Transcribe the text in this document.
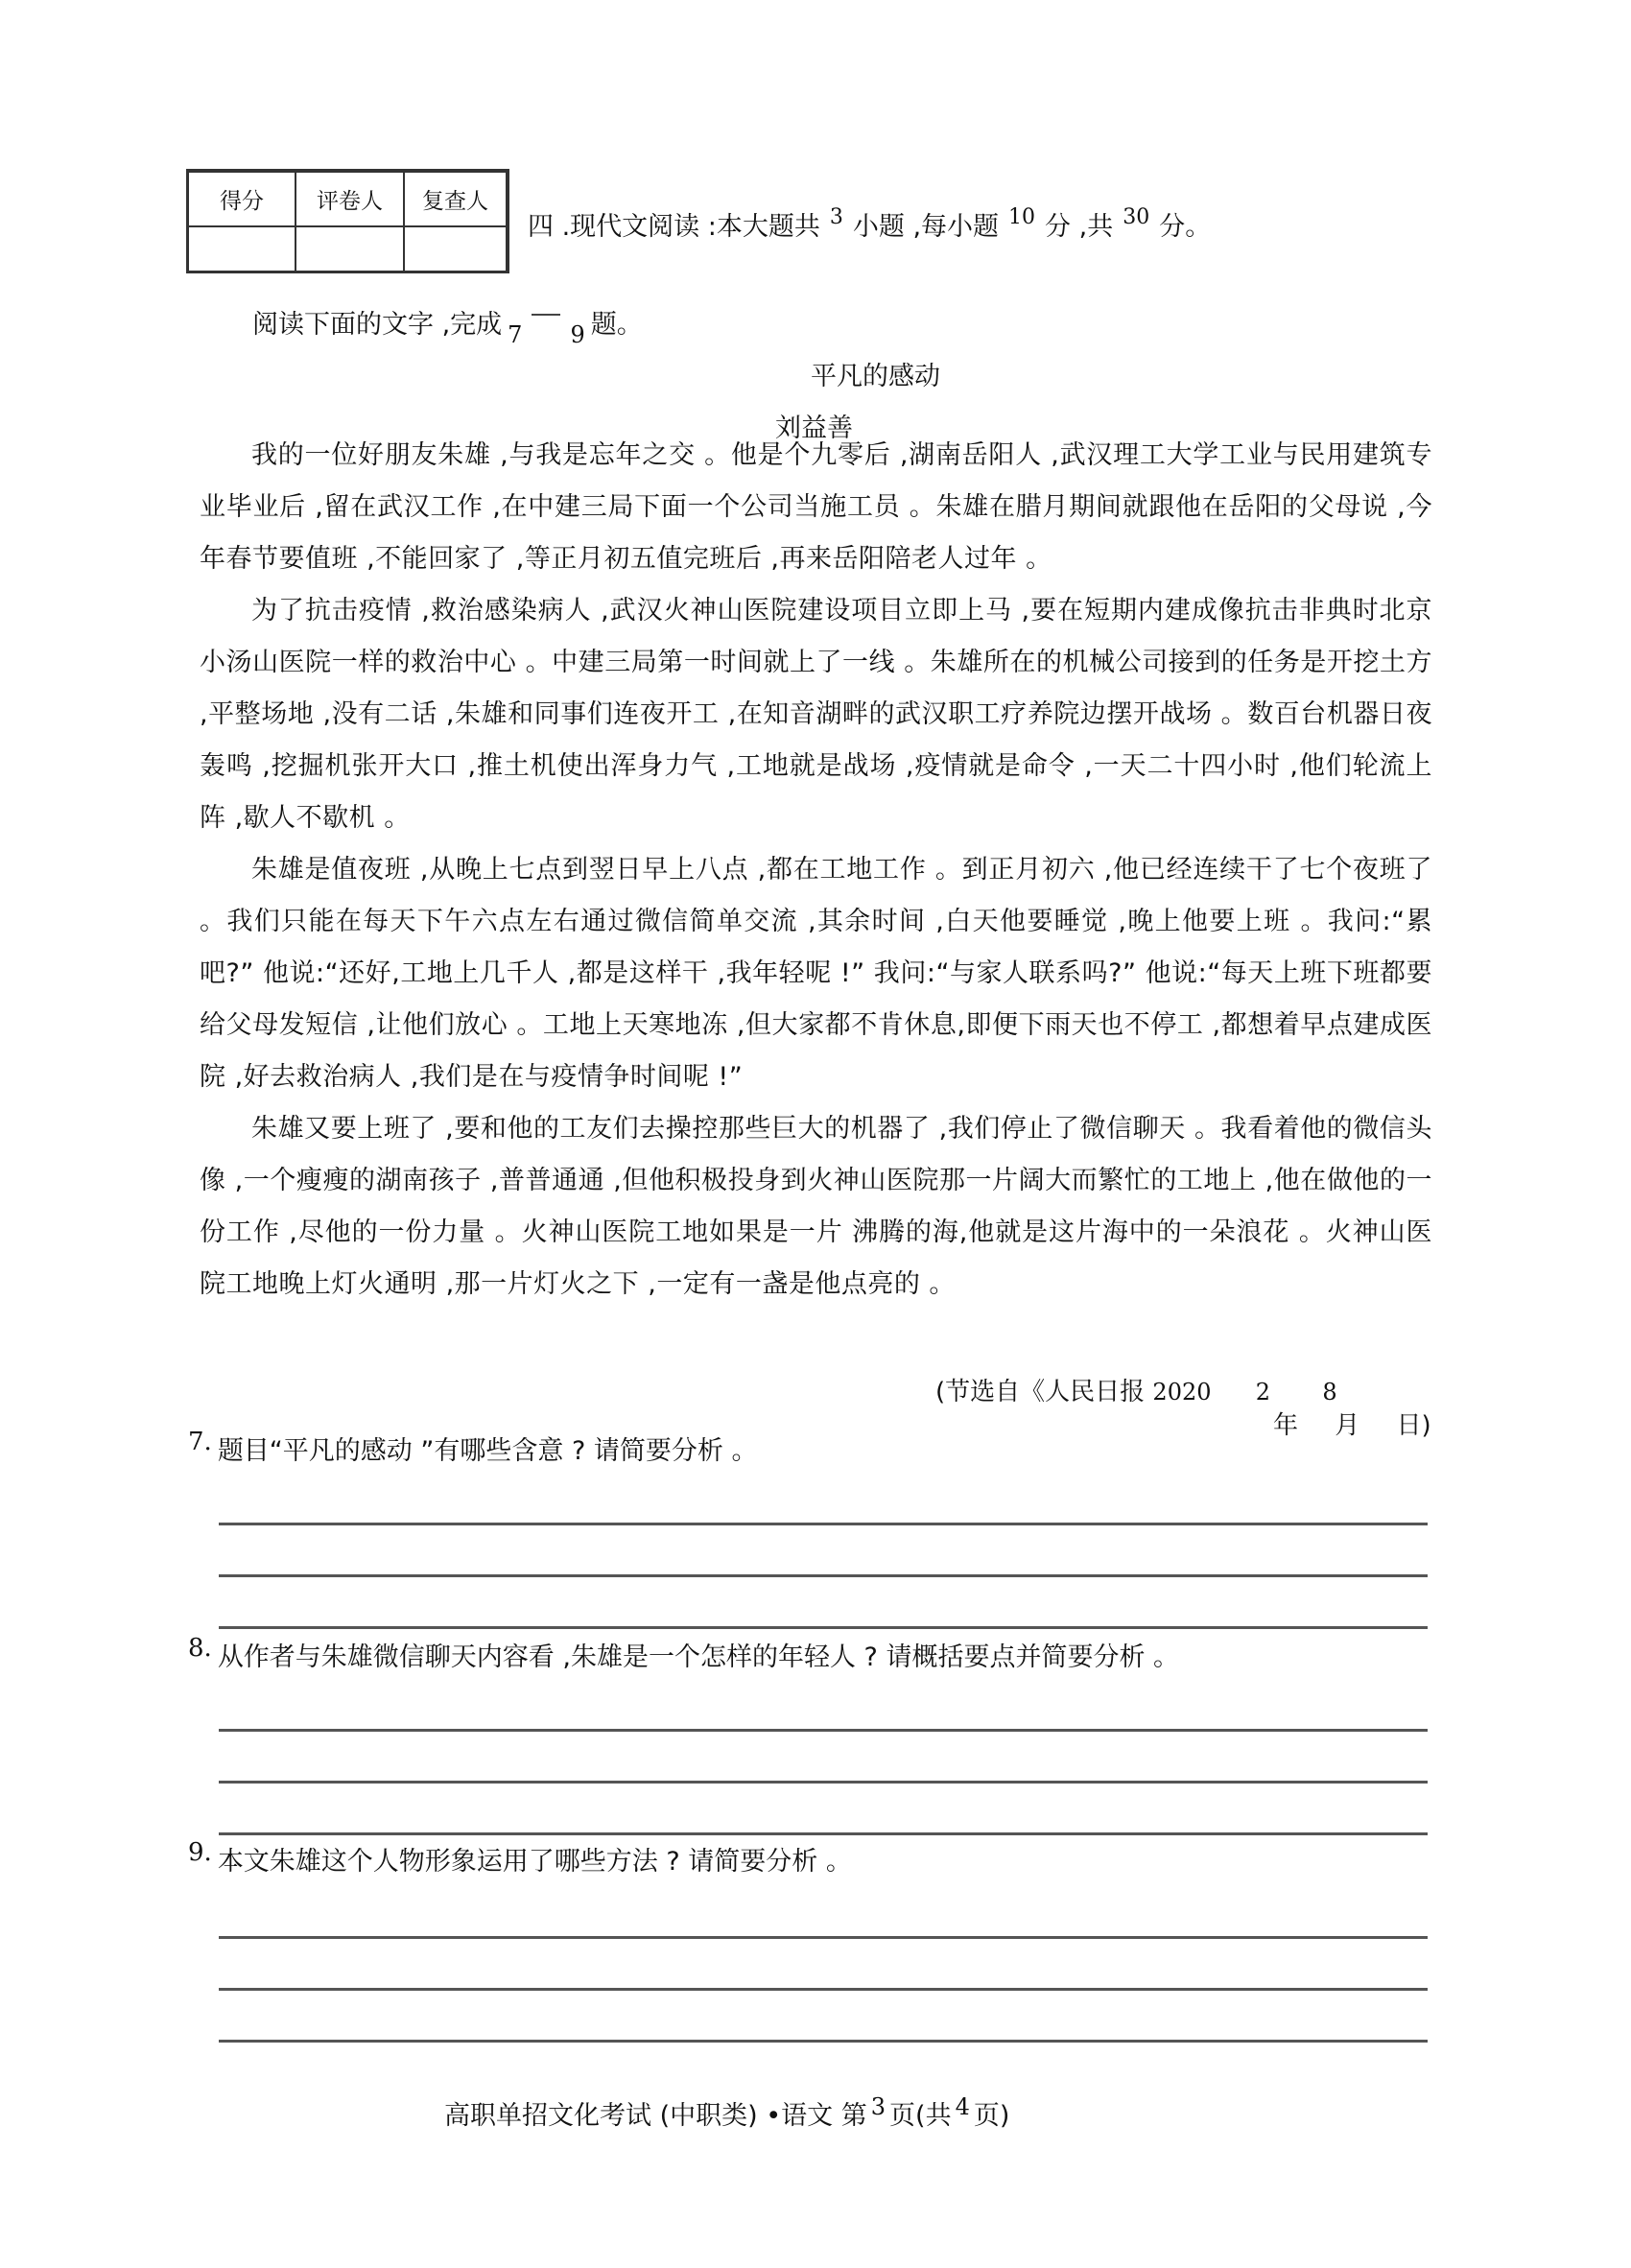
得分	评卷人	复查人
四 .现代文阅读 :本大题共 $^3$ 小题 ,每小题 $^{10}$ 分 ,共 $^{30}$ 分。
阅读下面的文字 ,完成 7 9 题。
平凡的感动
刘益善

我的一位好朋友朱雄 ,与我是忘年之交 。他是个九零后 ,湖南岳阳人 ,武汉理工大学工业与民用建筑专业毕业后 ,留在武汉工作 ,在中建三局下面一个公司当施工员 。朱雄在腊月期间就跟他在岳阳的父母说 ,今年春节要值班 ,不能回家了 ,等正月初五值完班后 ,再来岳阳陪老人过年 。

为了抗击疫情 ,救治感染病人 ,武汉火神山医院建设项目立即上马 ,要在短期内建成像抗击非典时北京小汤山医院一样的救治中心 。中建三局第一时间就上了一线 。朱雄所在的机械公司接到的任务是开挖土方 ,平整场地 ,没有二话 ,朱雄和同事们连夜开工 ,在知音湖畔的武汉职工疗养院边摆开战场 。数百台机器日夜轰鸣 ,挖掘机张开大口 ,推土机使出浑身力气 ,工地就是战场 ,疫情就是命令 ,一天二十四小时 ,他们轮流上阵 ,歇人不歇机 。

朱雄是值夜班 ,从晚上七点到翌日早上八点 ,都在工地工作 。到正月初六 ,他已经连续干了七个夜班了 。我们只能在每天下午六点左右通过微信简单交流 ,其余时间 ,白天他要睡觉 ,晚上他要上班 。我问:“累吧?” 他说:“还好,工地上几千人 ,都是这样干 ,我年轻呢 !” 我问:“与家人联系吗?” 他说:“每天上班下班都要给父母发短信 ,让他们放心 。工地上天寒地冻 ,但大家都不肯休息,即便下雨天也不停工 ,都想着早点建成医院 ,好去救治病人 ,我们是在与疫情争时间呢 !”

朱雄又要上班了 ,要和他的工友们去操控那些巨大的机器了 ,我们停止了微信聊天 。我看着他的微信头像 ,一个瘦瘦的湖南孩子 ,普普通通 ,但他积极投身到火神山医院那一片阔大而繁忙的工地上 ,他在做他的一份工作 ,尽他的一份力量 。火神山医院工地如果是一片 沸腾的海,他就是这片海中的一朵浪花 。火神山医院工地晚上灯火通明 ,那一片灯火之下 ,一定有一盏是他点亮的 。

(节选自《人民日报 2020 2 8
年 月 日)
7. 题目“平凡的感动 ”有哪些含意 ? 请简要分析 。
8. 从作者与朱雄微信聊天内容看 ,朱雄是一个怎样的年轻人 ? 请概括要点并简要分析 。
9. 本文朱雄这个人物形象运用了哪些方法 ? 请简要分析 。
高职单招文化考试 (中职类) •语文 第 3 页(共 4 页)
